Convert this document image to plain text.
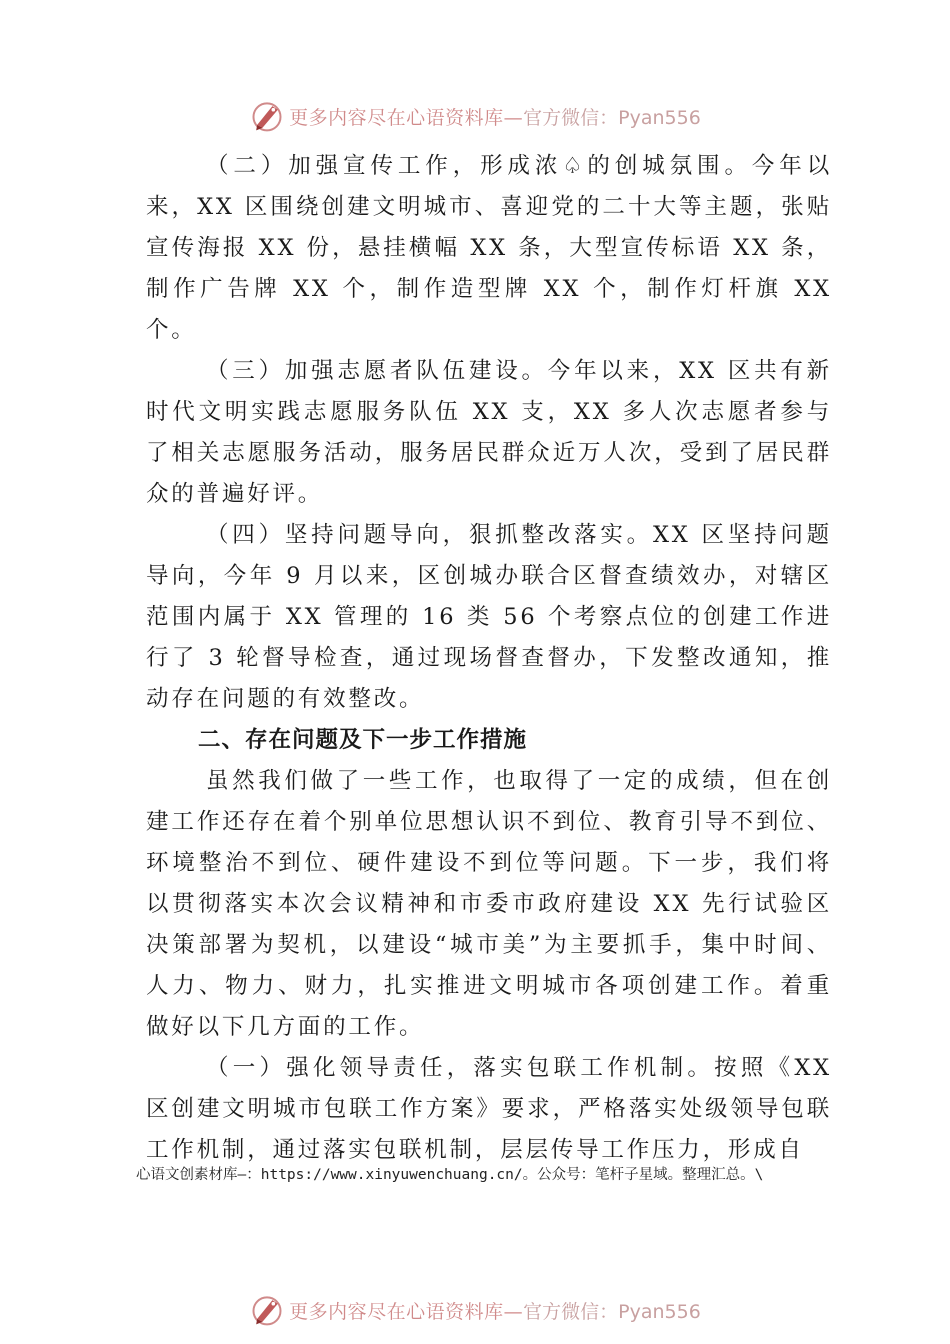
更多内容尽在心语资料库— 官方微信：Pyan556

（二）加强宣传工作，形成浓♤的创城氛围。今年以来，XX 区围绕创建文明城市、喜迎党的二十大等主题，张贴宣传海报 XX 份，悬挂横幅 XX 条，大型宣传标语 XX 条，制作广告牌 XX 个，制作造型牌 XX 个，制作灯杆旗 XX 个。

（三）加强志愿者队伍建设。今年以来，XX 区共有新时代文明实践志愿服务队伍 XX 支，XX 多人次志愿者参与了相关志愿服务活动，服务居民群众近万人次，受到了居民群众的普遍好评。

（四）坚持问题导向，狠抓整改落实。XX 区坚持问题导向，今年 9 月以来，区创城办联合区督查绩效办，对辖区范围内属于 XX 管理的 16 类 56 个考察点位的创建工作进行了 3 轮督导检查，通过现场督查督办，下发整改通知，推动存在问题的有效整改。

二、存在问题及下一步工作措施

虽然我们做了一些工作，也取得了一定的成绩，但在创建工作还存在着个别单位思想认识不到位、教育引导不到位、环境整治不到位、硬件建设不到位等问题。下一步，我们将 以贯彻落实本次会议精神和市委市政府建设 XX 先行试验区决策部署为契机，以建设“城市美”为主要抓手，集中时间、 人力、物力、财力，扎实推进文明城市各项创建工作。着重 做好以下几方面的工作。

（一）强化领导责任，落实包联工作机制。按照《XX 区创建文明城市包联工作方案》要求，严格落实处级领导包联工作机制，通过落实包联机制，层层传导工作压力，形成自

心语文创素材库—：https://www.xinyuwenchuang.cn/。公众号：笔杆子星域。整理汇总。\
更多内容尽在心语资料库— 官方微信：Pyan556
